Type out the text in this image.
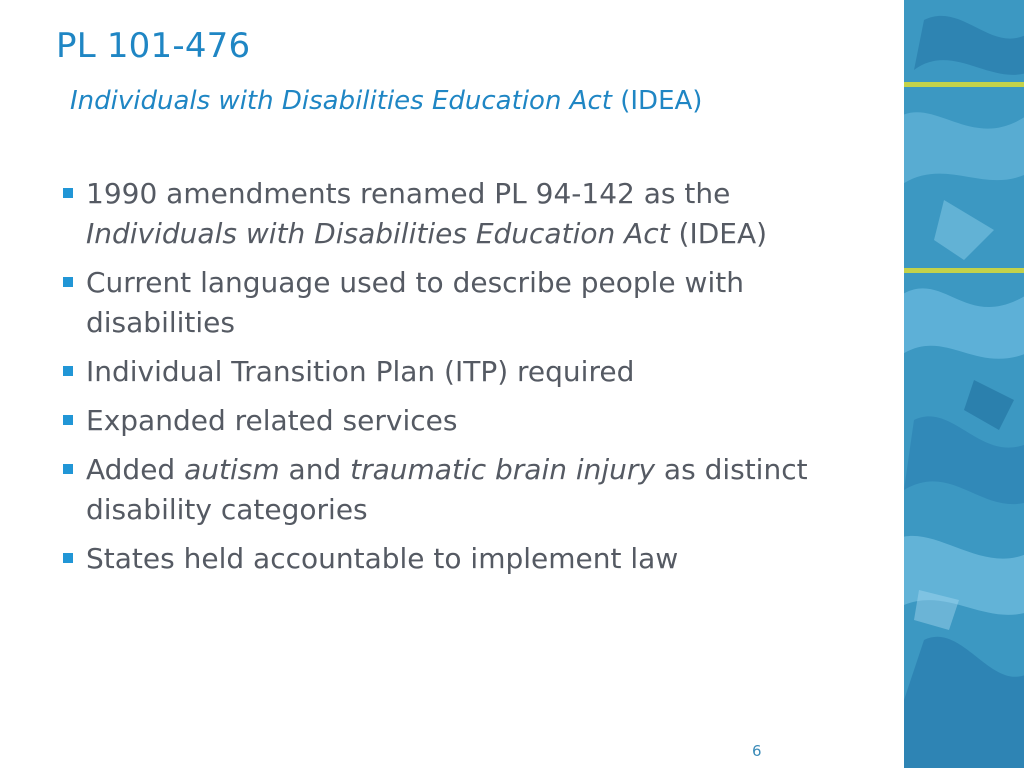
PL 101-476
Individuals with Disabilities Education Act (IDEA)
1990 amendments renamed PL 94-142 as the
Individuals with Disabilities Education Act (IDEA)
Current language used to describe people with disabilities
Individual Transition Plan (ITP) required
Expanded related services
Added autism and traumatic brain injury as distinct disability categories
States held accountable to implement law
6
